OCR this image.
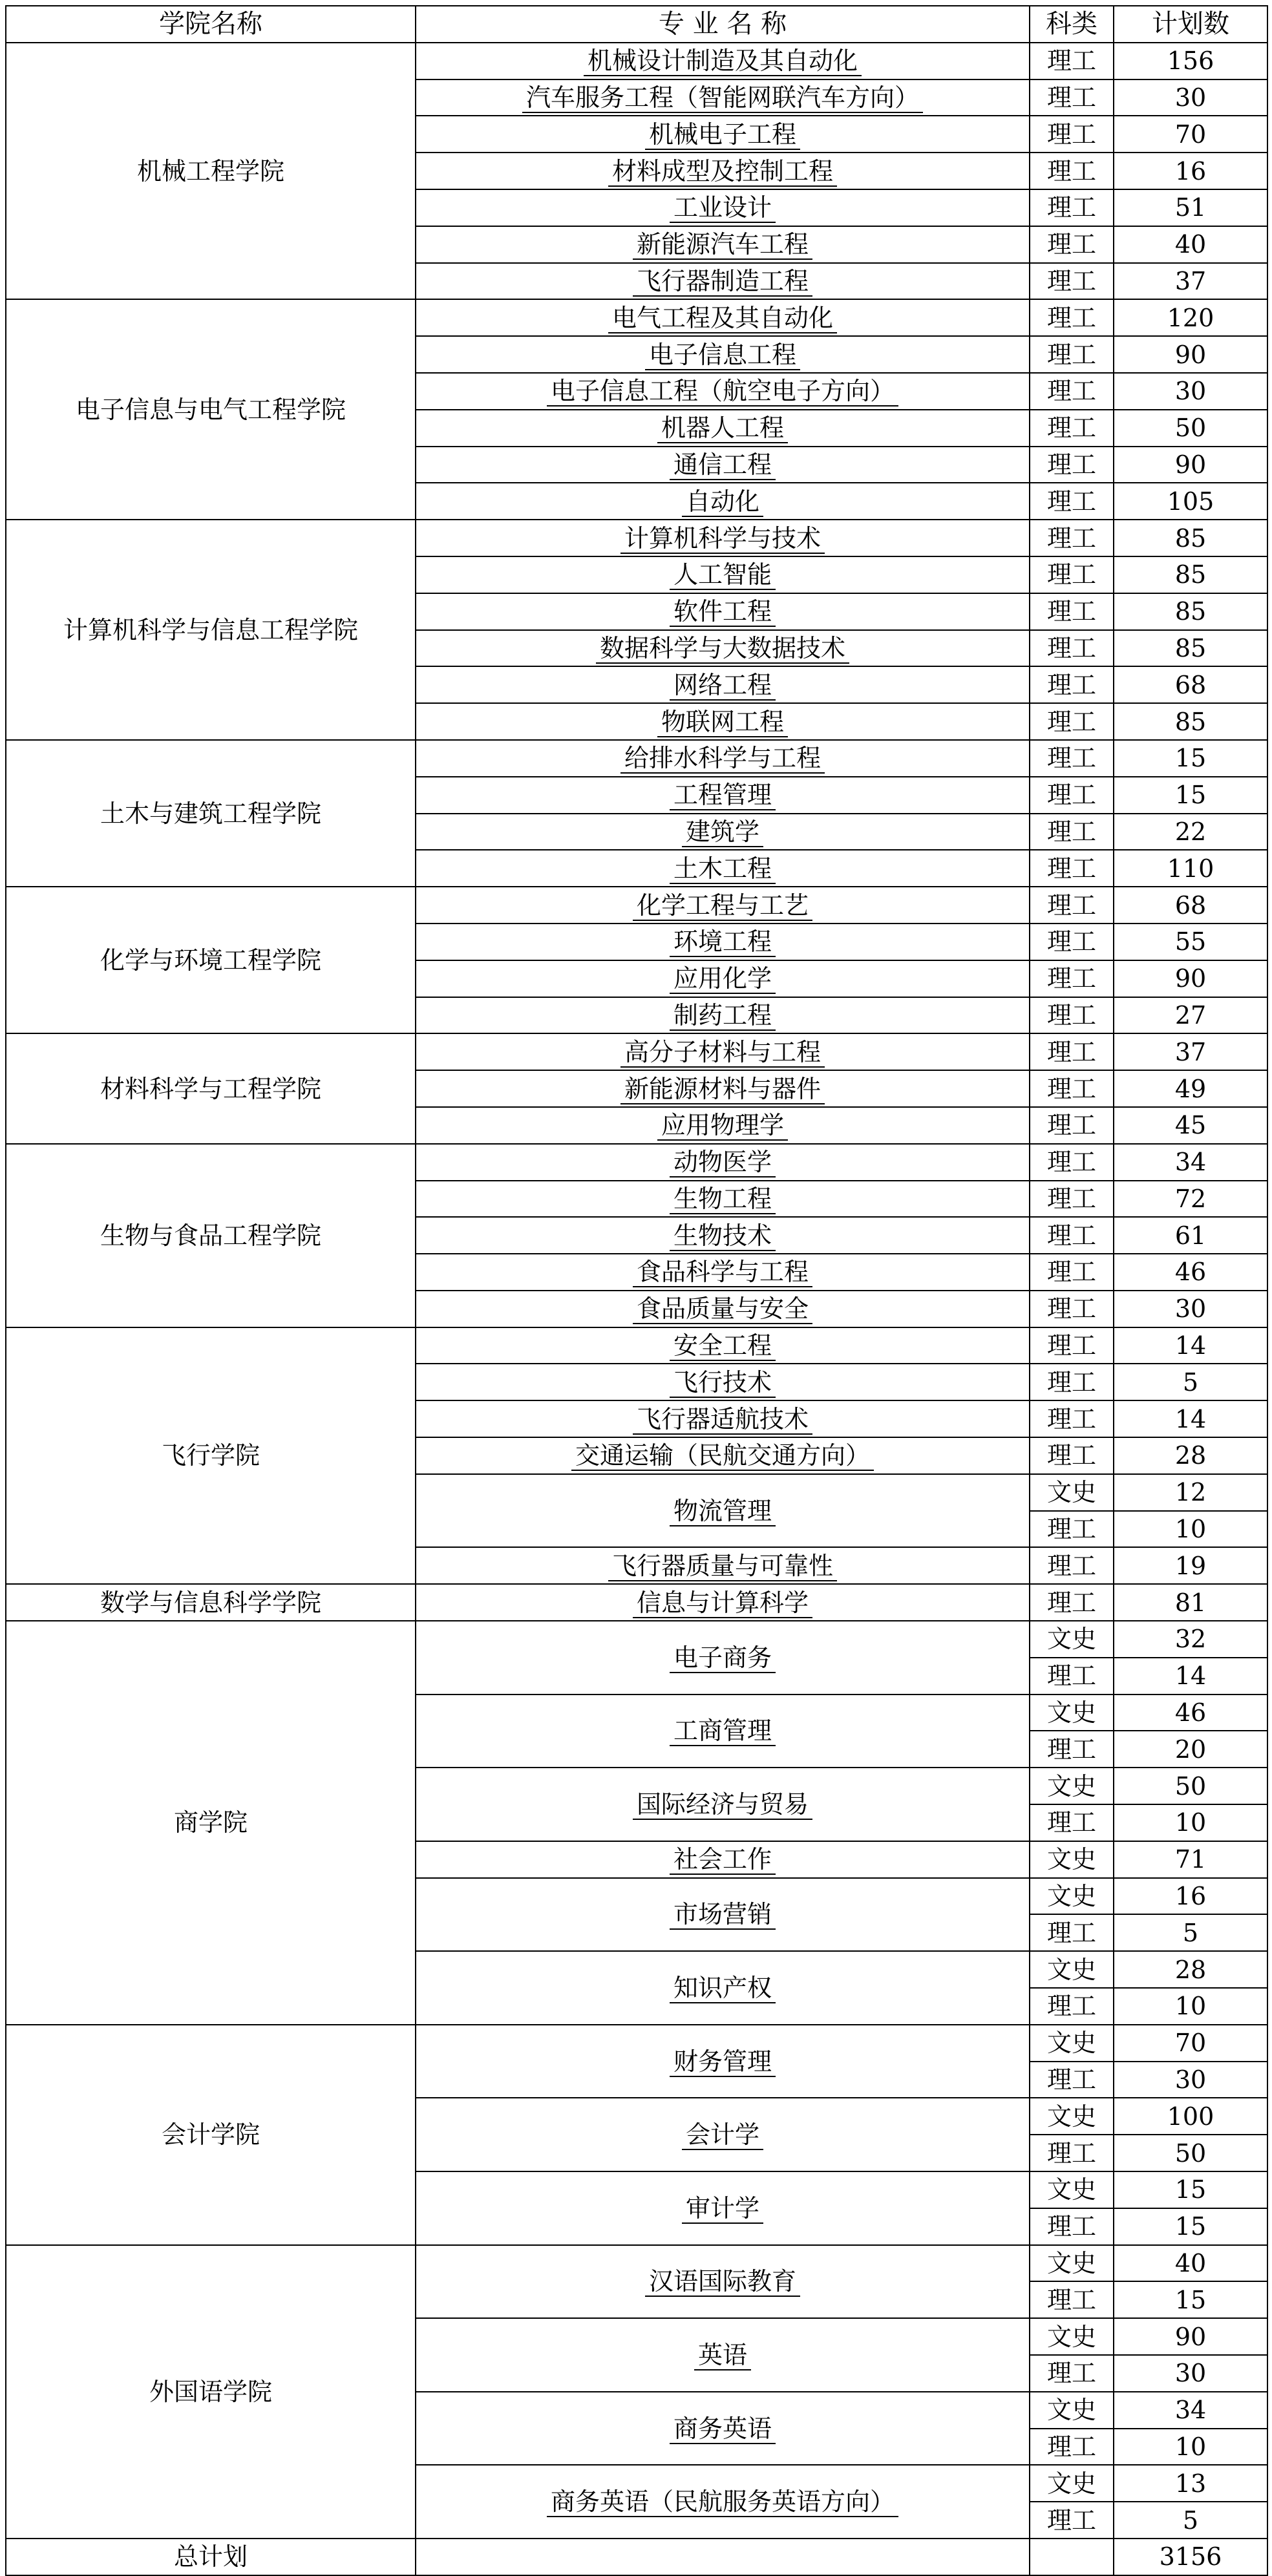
学院名称	专 业 名 称	科类	计划数
机械工程学院	机械设计制造及其自动化	理工	156
	汽车服务工程（智能网联汽车方向）	理工	30
	机械电子工程	理工	70
	材料成型及控制工程	理工	16
	工业设计	理工	51
	新能源汽车工程	理工	40
	飞行器制造工程	理工	37
电子信息与电气工程学院	电气工程及其自动化	理工	120
	电子信息工程	理工	90
	电子信息工程（航空电子方向）	理工	30
	机器人工程	理工	50
	通信工程	理工	90
	自动化	理工	105
计算机科学与信息工程学院	计算机科学与技术	理工	85
	人工智能	理工	85
	软件工程	理工	85
	数据科学与大数据技术	理工	85
	网络工程	理工	68
	物联网工程	理工	85
土木与建筑工程学院	给排水科学与工程	理工	15
	工程管理	理工	15
	建筑学	理工	22
	土木工程	理工	110
化学与环境工程学院	化学工程与工艺	理工	68
	环境工程	理工	55
	应用化学	理工	90
	制药工程	理工	27
材料科学与工程学院	高分子材料与工程	理工	37
	新能源材料与器件	理工	49
	应用物理学	理工	45
生物与食品工程学院	动物医学	理工	34
	生物工程	理工	72
	生物技术	理工	61
	食品科学与工程	理工	46
	食品质量与安全	理工	30
飞行学院	安全工程	理工	14
	飞行技术	理工	5
	飞行器适航技术	理工	14
	交通运输（民航交通方向）	理工	28
	物流管理	文史	12
		理工	10
	飞行器质量与可靠性	理工	19
数学与信息科学学院	信息与计算科学	理工	81
商学院	电子商务	文史	32
		理工	14
	工商管理	文史	46
		理工	20
	国际经济与贸易	文史	50
		理工	10
	社会工作	文史	71
	市场营销	文史	16
		理工	5
	知识产权	文史	28
		理工	10
会计学院	财务管理	文史	70
		理工	30
	会计学	文史	100
		理工	50
	审计学	文史	15
		理工	15
外国语学院	汉语国际教育	文史	40
		理工	15
	英语	文史	90
		理工	30
	商务英语	文史	34
		理工	10
	商务英语（民航服务英语方向）	文史	13
		理工	5
总计划			3156
